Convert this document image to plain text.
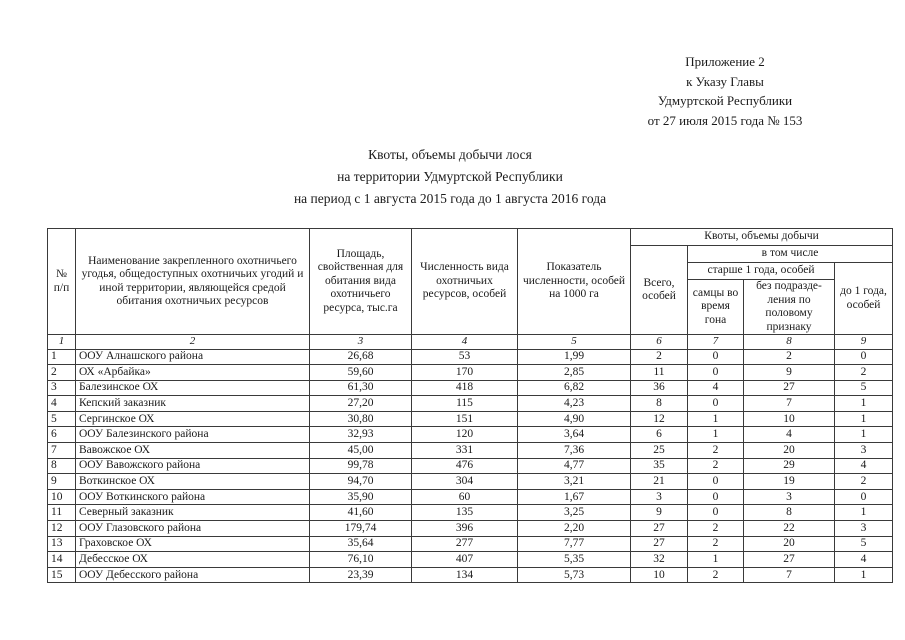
Приложение 2
к Указу Главы
Удмуртской Республики
от 27 июля 2015 года № 153
Квоты, объемы добычи лося
на территории Удмуртской Республики
на период с 1 августа 2015 года до 1 августа 2016 года
№ п/п	Наименование закрепленного охотничьего угодья, общедоступных охотничьих угодий и иной территории, являющейся средой обитания охотничьих ресурсов	Площадь, свойственная для обитания вида охотничьего ресурса, тыс.га	Численность вида охотничьих ресурсов, особей	Показатель численности, особей на 1000 га	Квоты, объемы добычи			
					Всего, особей	в том числе		
						старше 1 года, особей		до 1 года, особей
						самцы во время гона	без подразде-ления по половому признаку	
1	2	3	4	5	6	7	8	9
1	ООУ Алнашского района	26,68	53	1,99	2	0	2	0
2	ОХ «Арбайка»	59,60	170	2,85	11	0	9	2
3	Балезинское ОХ	61,30	418	6,82	36	4	27	5
4	Кепский заказник	27,20	115	4,23	8	0	7	1
5	Сергинское ОХ	30,80	151	4,90	12	1	10	1
6	ООУ Балезинского района	32,93	120	3,64	6	1	4	1
7	Вавожское ОХ	45,00	331	7,36	25	2	20	3
8	ООУ Вавожского района	99,78	476	4,77	35	2	29	4
9	Воткинское ОХ	94,70	304	3,21	21	0	19	2
10	ООУ Воткинского района	35,90	60	1,67	3	0	3	0
11	Северный заказник	41,60	135	3,25	9	0	8	1
12	ООУ Глазовского района	179,74	396	2,20	27	2	22	3
13	Граховское ОХ	35,64	277	7,77	27	2	20	5
14	Дебесское ОХ	76,10	407	5,35	32	1	27	4
15	ООУ Дебесского района	23,39	134	5,73	10	2	7	1
